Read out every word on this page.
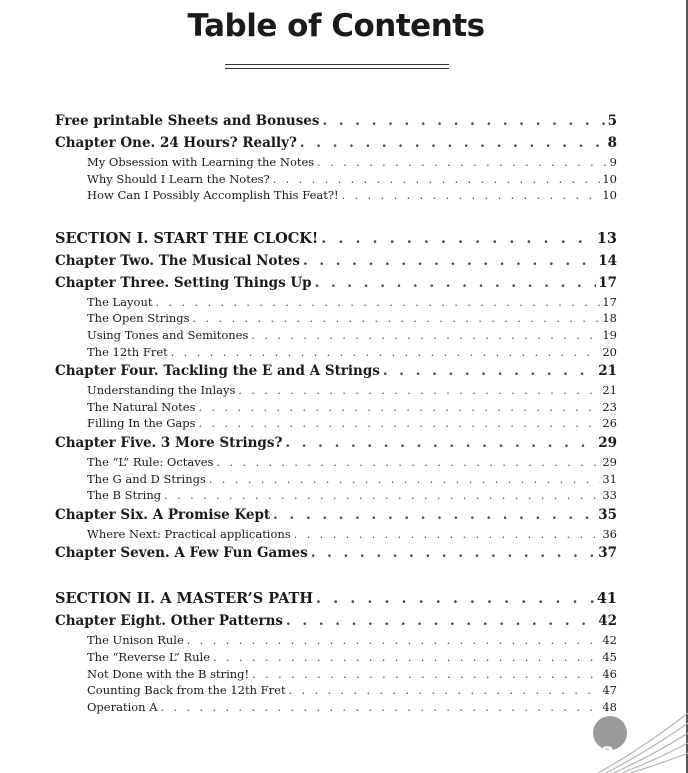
Table of Contents
Free printable Sheets and Bonuses . . .	5
Chapter One. 24 Hours? Really? . . .	8
My Obsession with Learning the Notes . . .	9
Why Should I Learn the Notes? . . .	10
How Can I Possibly Accomplish This Feat?! . . .	10
SECTION I. START THE CLOCK! . . .	13
Chapter Two. The Musical Notes . . .	14
Chapter Three. Setting Things Up . . .	17
The Layout . . .	17
The Open Strings . . .	18
Using Tones and Semitones . . .	19
The 12th Fret . . .	20
Chapter Four. Tackling the E and A Strings . . .	21
Understanding the Inlays . . .	21
The Natural Notes . . .	23
Filling In the Gaps . . .	26
Chapter Five. 3 More Strings? . . .	29
The “L” Rule: Octaves . . .	29
The G and D Strings . . .	31
The B String . . .	33
Chapter Six. A Promise Kept . . .	35
Where Next: Practical applications . . .	36
Chapter Seven. A Few Fun Games . . .	37
SECTION II. A MASTER’S PATH . . .	41
Chapter Eight. Other Patterns . . .	42
The Unison Rule . . .	42
The “Reverse L” Rule . . .	45
Not Done with the B string! . . .	46
Counting Back from the 12th Fret . . .	47
Operation A . . .	48
3
